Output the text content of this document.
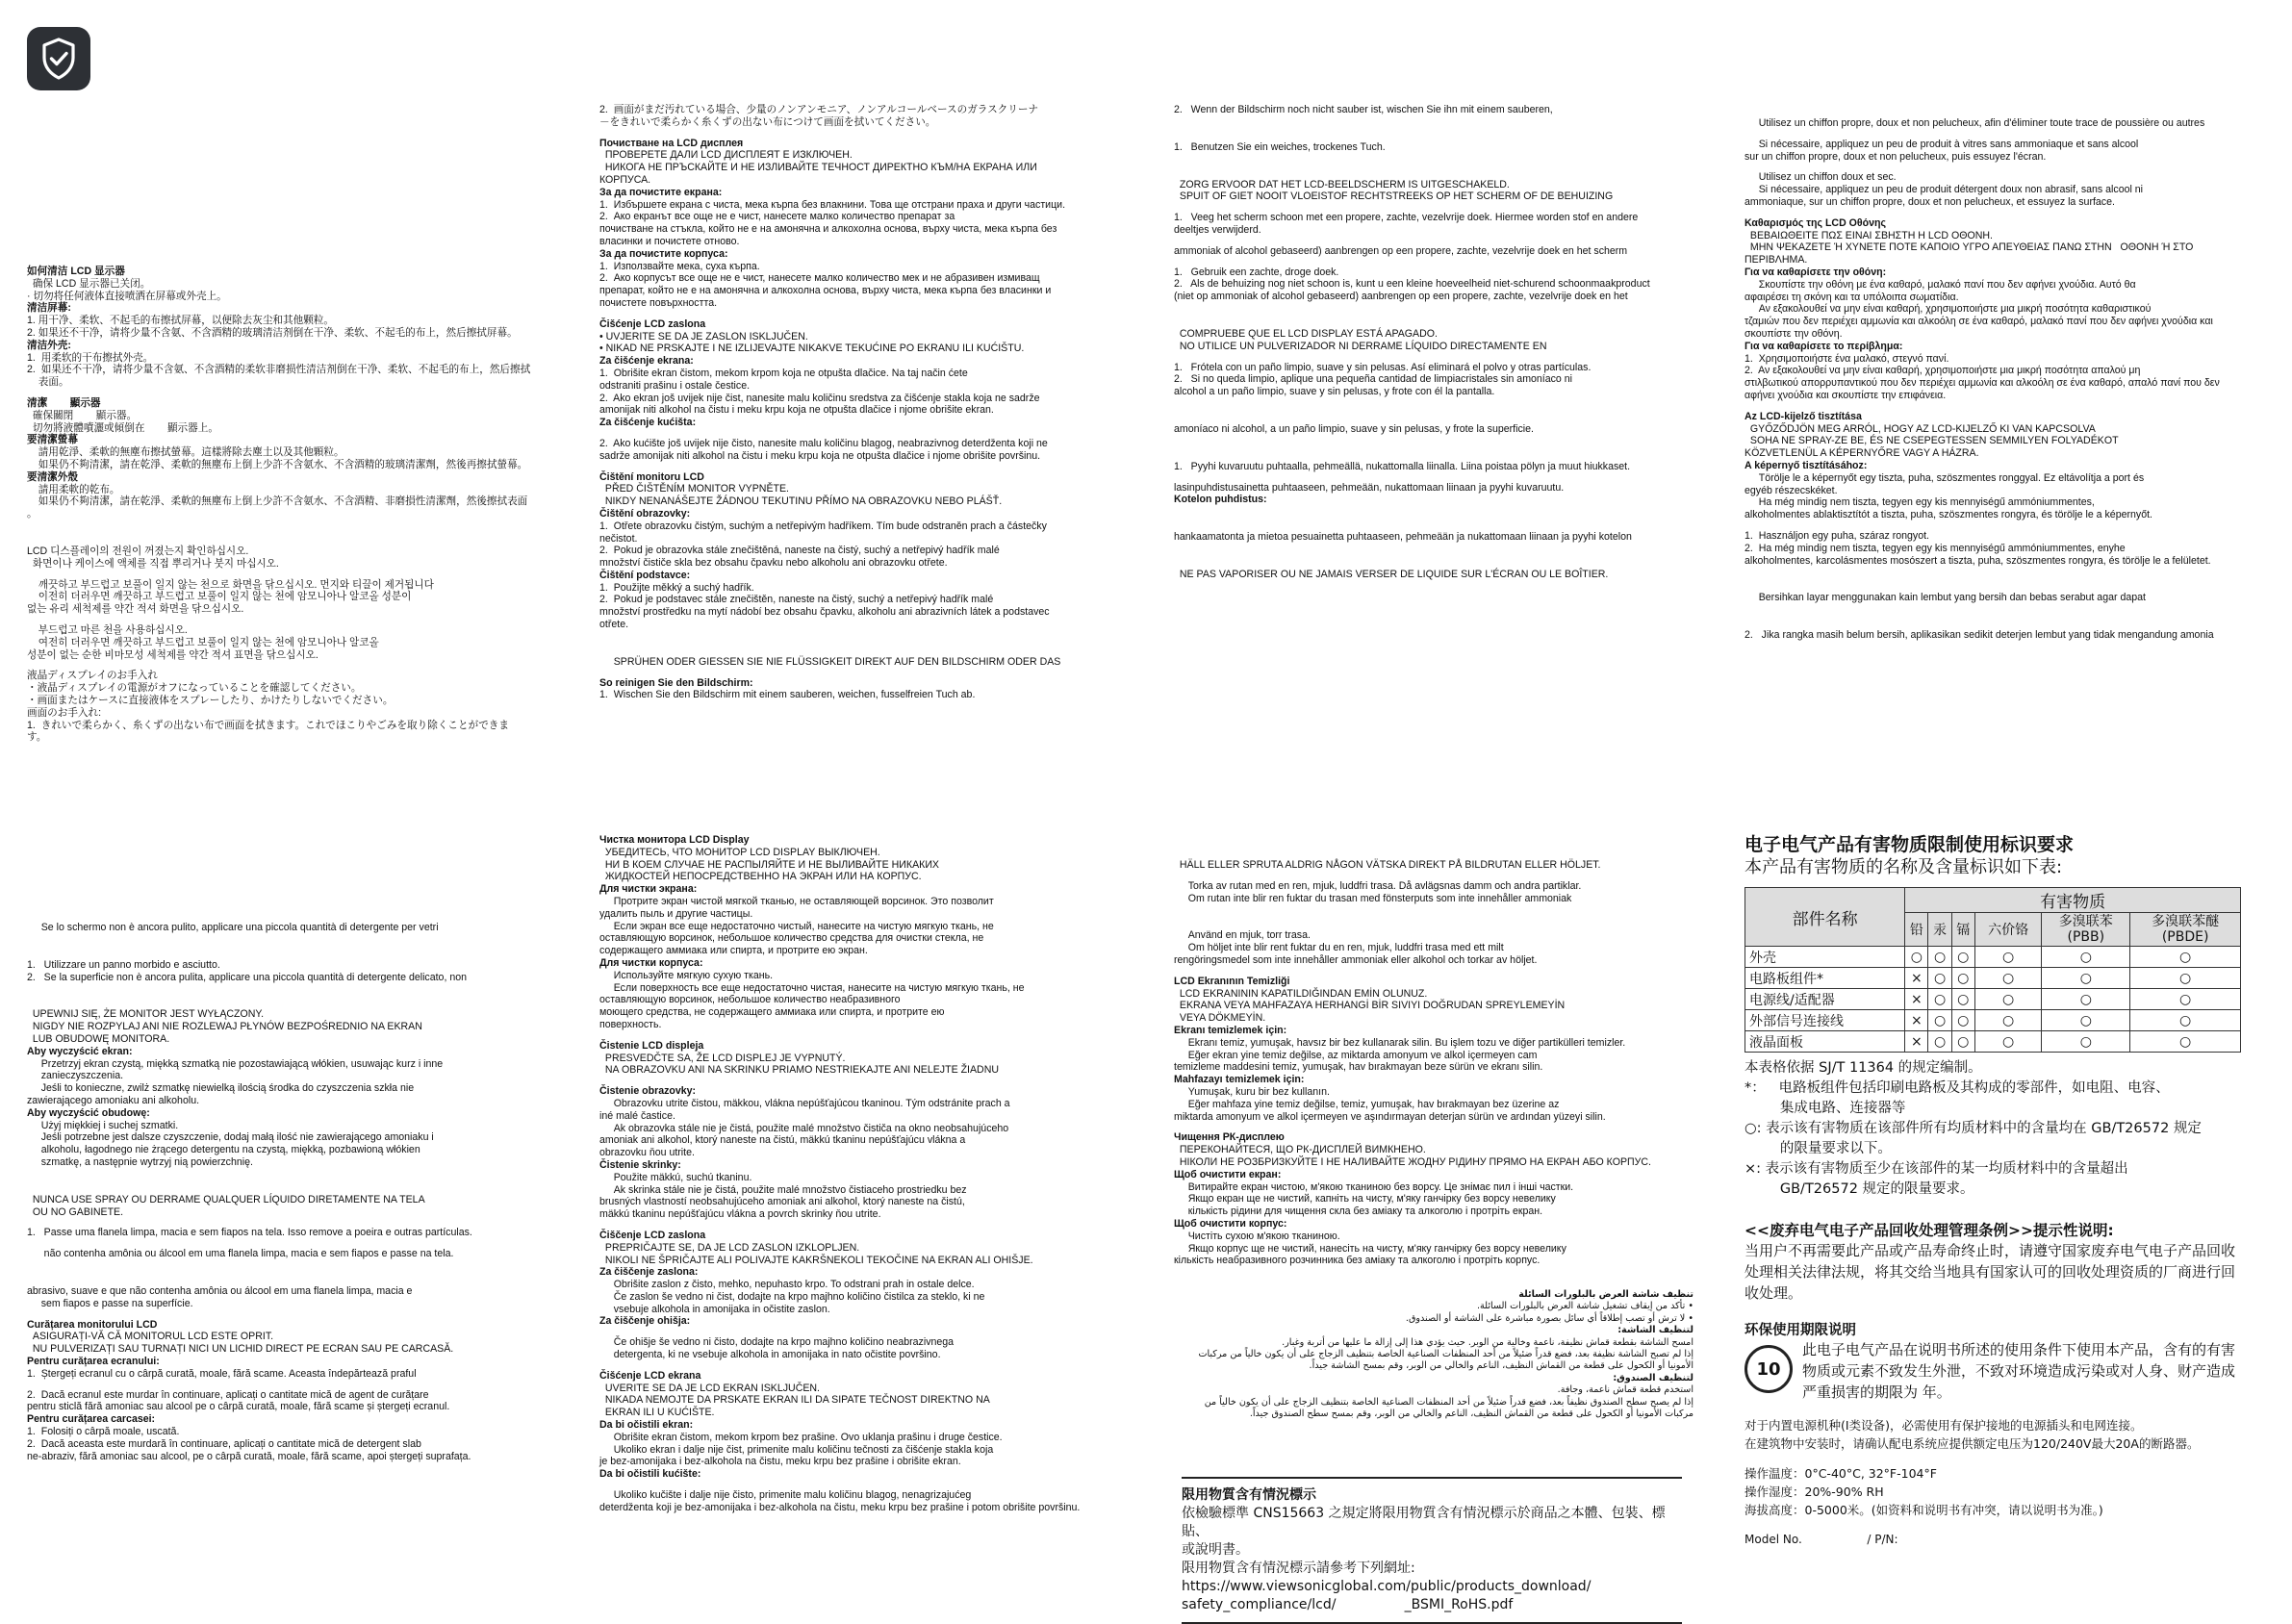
如何清洁 LCD 显示器

确保 LCD 显示器已关闭。

· 切勿将任何液体直接喷洒在屏幕或外壳上。

清洁屏幕:

1. 用干净、柔软、不起毛的布擦拭屏幕，以便除去灰尘和其他颗粒。

2. 如果还不干净，请将少量不含氨、不含酒精的玻璃清洁剂倒在干净、柔软、不起毛的布上，然后擦拭屏幕。

清洁外壳:

1.  用柔软的干布擦拭外壳。

2.  如果还不干净，请将少量不含氨、不含酒精的柔软非磨损性清洁剂倒在干净、柔软、不起毛的布上，然后擦拭
表面。

清潔        顯示器

確保關閉        顯示器。

切勿將液體噴灑或傾倒在        顯示器上。

要清潔螢幕

請用乾淨、柔軟的無塵布擦拭螢幕。這樣將除去塵土以及其他顆粒。

如果仍不夠清潔，請在乾淨、柔軟的無塵布上倒上少許不含氨水、不含酒精的玻璃清潔劑，然後再擦拭螢幕。

要清潔外殼

請用柔軟的乾布。

如果仍不夠清潔，請在乾淨、柔軟的無塵布上倒上少許不含氨水、不含酒精、非磨損性清潔劑，然後擦拭表面
。

LCD 디스플레이의 전원이 꺼졌는지 확인하십시오.

화면이나 케이스에 액체를 직접 뿌리거나 붓지 마십시오.

깨끗하고 부드럽고 보풀이 일지 않는 천으로 화면을 닦으십시오. 먼지와 티끌이 제거됩니다
이전히 더러우면 깨끗하고 부드럽고 보풀이 일지 않는 천에 암모니아나 알코올 성분이
없는 유리 세척제를 약간 적셔 화면을 닦으십시오.

부드럽고 마른 천을 사용하십시오.

여전히 더러우면 깨끗하고 부드럽고 보풀이 일지 않는 천에 암모니아나 알코올
성분이 없는 순한 비마모성 세척제를 약간 적셔 표면을 닦으십시오.

液晶ディスプレイのお手入れ

・液晶ディスプレイの電源がオフになっていることを確認してください。

・画面またはケースに直接液体をスプレーしたり、かけたりしないでください。

画面のお手入れ:

1.  きれいで柔らかく、糸くずの出ない布で画面を拭きます。これでほこりやごみを取り除くことができま
す。

Se lo schermo non è ancora pulito, applicare una piccola quantità di detergente per vetri

1.   Utilizzare un panno morbido e asciutto.

2.   Se la superficie non è ancora pulita, applicare una piccola quantità di detergente delicato, non

UPEWNIJ SIĘ, ŻE MONITOR JEST WYŁĄCZONY.

NIGDY NIE ROZPYLAJ ANI NIE ROZLEWAJ PŁYNÓW BEZPOŚREDNIO NA EKRAN
LUB OBUDOWĘ MONITORA.

Aby wyczyścić ekran:

Przetrzyj ekran czystą, miękką szmatką nie pozostawiającą włókien, usuwając kurz i inne
zanieczyszczenia.
Jeśli to konieczne, zwilż szmatkę niewielką ilością środka do czyszczenia szkła nie
zawierającego amoniaku ani alkoholu.

Aby wyczyścić obudowę:

Użyj miękkiej i suchej szmatki.
Jeśli potrzebne jest dalsze czyszczenie, dodaj małą ilość nie zawierającego amoniaku i
alkoholu, łagodnego nie żrącego detergentu na czystą, miękką, pozbawioną włókien
szmatkę, a następnie wytrzyj nią powierzchnię.

NUNCA USE SPRAY OU DERRAME QUALQUER LÍQUIDO DIRETAMENTE NA TELA
OU NO GABINETE.

1.   Passe uma flanela limpa, macia e sem fiapos na tela. Isso remove a poeira e outras partículas.

não contenha amônia ou álcool em uma flanela limpa, macia e sem fiapos e passe na tela.

abrasivo, suave e que não contenha amônia ou álcool em uma flanela limpa, macia e
sem fiapos e passe na superfície.

Curățarea monitorului LCD

ASIGURAȚI-VĂ CĂ MONITORUL LCD ESTE OPRIT.
NU PULVERIZAȚI SAU TURNAȚI NICI UN LICHID DIRECT PE ECRAN SAU PE CARCASĂ.

Pentru curățarea ecranului:

1.  Ștergeți ecranul cu o cârpă curată, moale, fără scame. Aceasta îndepărtează praful

2.  Dacă ecranul este murdar în continuare, aplicați o cantitate mică de agent de curățare
pentru sticlă fără amoniac sau alcool pe o cârpă curată, moale, fără scame și ștergeți ecranul.

Pentru curățarea carcasei:

1.  Folosiți o cârpă moale, uscată.
2.  Dacă aceasta este murdară în continuare, aplicați o cantitate mică de detergent slab
ne-abraziv, fără amoniac sau alcool, pe o cârpă curată, moale, fără scame, apoi ștergeți suprafața.

2.  画面がまだ汚れている場合、少量のノンアンモニア、ノンアルコールベースのガラスクリーナ
－をきれいで柔らかく糸くずの出ない布につけて画面を拭いてください。

Почистване на LCD дисплея

ПРОВЕРЕТЕ ДАЛИ LCD ДИСПЛЕЯТ Е ИЗКЛЮЧЕН.
НИКОГА НЕ ПРЪСКАЙТЕ И НЕ ИЗЛИВАЙТЕ ТЕЧНОСТ ДИРЕКТНО КЪМ/НА ЕКРАНА ИЛИ
КОРПУСА.

За да почистите екрана:

1.  Избършете екрана с чиста, мека кърпа без влакнини. Това ще отстрани праха и други частици.
2.  Ако екранът все още не е чист, нанесете малко количество препарат за
почистване на стъкла, който не е на амонячна и алкохолна основа, върху чиста, мека кърпа без
власинки и почистете отново.

За да почистите корпуса:

1.  Използвайте мека, суха кърпа.
2.  Ако корпусът все още не е чист, нанесете малко количество мек и не абразивен измиващ
препарат, който не е на амонячна и алкохолна основа, върху чиста, мека кърпа без власинки и
почистете повърхността.

Čišćenje LCD zaslona

• UVJERITE SE DA JE ZASLON ISKLJUČEN.
• NIKAD NE PRSKAJTE I NE IZLIJEVAJTE NIKAKVE TEKUĆINE PO EKRANU ILI KUĆIŠTU.

Za čišćenje ekrana:

1.  Obrišite ekran čistom, mekom krpom koja ne otpušta dlačice. Na taj način ćete
odstraniti prašinu i ostale čestice.
2.  Ako ekran još uvijek nije čist, nanesite malu količinu sredstva za čišćenje stakla koja ne sadrže
amonijak niti alkohol na čistu i meku krpu koja ne otpušta dlačice i njome obrišite ekran.

Za čišćenje kućišta:

2.  Ako kućište još uvijek nije čisto, nanesite malu količinu blagog, neabrazivnog deterdženta koji ne
sadrže amonijak niti alkohol na čistu i meku krpu koja ne otpušta dlačice i njome obrišite površinu.

Čištění monitoru LCD

PŘED ČIŠTĚNÍM MONITOR VYPNĚTE.
NIKDY NENANÁŠEJTE ŽÁDNOU TEKUTINU PŘÍMO NA OBRAZOVKU NEBO PLÁŠŤ.

Čištění obrazovky:

1.  Otřete obrazovku čistým, suchým a netřepivým hadříkem. Tím bude odstraněn prach a částečky
nečistot.
2.  Pokud je obrazovka stále znečištěná, naneste na čistý, suchý a netřepivý hadřík malé
množství čističe skla bez obsahu čpavku nebo alkoholu ani obrazovku otřete.

Čištění podstavce:

1.  Použijte měkký a suchý hadřík.
2.  Pokud je podstavec stále znečištěn, naneste na čistý, suchý a netřepivý hadřík malé
množství prostředku na mytí nádobí bez obsahu čpavku, alkoholu ani abrazivních látek a podstavec
otřete.

SPRÜHEN ODER GIESSEN SIE NIE FLÜSSIGKEIT DIREKT AUF DEN BILDSCHIRM ODER DAS

So reinigen Sie den Bildschirm:

1.  Wischen Sie den Bildschirm mit einem sauberen, weichen, fusselfreien Tuch ab.

Чистка монитора LCD Display

УБЕДИТЕСЬ, ЧТО МОНИТОР LCD DISPLAY ВЫКЛЮЧЕН.
НИ В КОЕМ СЛУЧАЕ НЕ РАСПЫЛЯЙТЕ И НЕ ВЫЛИВАЙТЕ НИКАКИХ
ЖИДКОСТЕЙ НЕПОСРЕДСТВЕННО НА ЭКРАН ИЛИ НА КОРПУС.

Для чистки экрана:

Протрите экран чистой мягкой тканью, не оставляющей ворсинок. Это позволит
удалить пыль и другие частицы.
Если экран все еще недостаточно чистый, нанесите на чистую мягкую ткань, не
оставляющую ворсинок, небольшое количество средства для очистки стекла, не
содержащего аммиака или спирта, и протрите ею экран.

Для чистки корпуса:

Используйте мягкую сухую ткань.
Если поверхность все еще недостаточно чистая, нанесите на чистую мягкую ткань, не
оставляющую ворсинок, небольшое количество неабразивного
моющего средства, не содержащего аммиака или спирта, и протрите ею
поверхность.

Čistenie LCD displeja

PRESVEDČTE SA, ŽE LCD DISPLEJ JE VYPNUTÝ.
NA OBRAZOVKU ANI NA SKRINKU PRIAMO NESTRIEKAJTE ANI NELEJTE ŽIADNU

Čistenie obrazovky:

Obrazovku utrite čistou, mäkkou, vláknа nepúšťajúcou tkaninou. Tým odstránite prach a
iné malé častice.
Ak obrazovka stále nie je čistá, použite malé množstvo čističa na okno neobsahujúceho
amoniak ani alkohol, ktorý naneste na čistú, mäkkú tkaninu nepúšťajúcu vlákna a
obrazovku ňou utrite.

Čistenie skrinky:

Použite mäkkú, suchú tkaninu.
Ak skrinka stále nie je čistá, použite malé množstvo čistiaceho prostriedku bez
brusných vlastností neobsahujúceho amoniak ani alkohol, ktorý naneste na čistú,
mäkkú tkaninu nepúšťajúcu vlákna a povrch skrinky ňou utrite.

Čiščenje LCD zaslona

PREPRIČAJTE SE, DA JE LCD ZASLON IZKLOPLJEN.
NIKOLI NE ŠPRIČAJTE ALI POLIVAJTE KAKRŠNEKOLI TEKOČINE NA EKRAN ALI OHIŠJE.

Za čiščenje zaslona:

Obrišite zaslon z čisto, mehko, nepuhasto krpo. To odstrani prah in ostale delce.
Če zaslon še vedno ni čist, dodajte na krpo majhno količino čistilca za steklo, ki ne
vsebuje alkohola in amonijaka in očistite zaslon.

Za čiščenje ohišja:

Če ohišje še vedno ni čisto, dodajte na krpo majhno količino neabrazivnega
detergenta, ki ne vsebuje alkohola in amonijaka in nato očistite površino.

Čišćenje LCD ekrana

UVERITE SE DA JE LCD EKRAN ISKLJUČEN.
NIKADA NEMOJTE DA PRSKATE EKRAN ILI DA SIPATE TEČNOST DIREKTNO NA
EKRAN ILI U KUĆIŠTE.

Da bi očistili ekran:

Obrišite ekran čistom, mekom krpom bez prašine. Ovo uklanja prašinu i druge čestice.
Ukoliko ekran i dalje nije čist, primenite malu količinu tečnosti za čišćenje stakla koja
je bez-amonijaka i bez-alkohola na čistu, meku krpu bez prašine i obrišite ekran.

Da bi očistili kućište:

Ukoliko kučište i dalje nije čisto, primenite malu količinu blagog, nenagrizajućeg
deterdženta koji je bez-amonijaka i bez-alkohola na čistu, meku krpu bez prašine i potom obrišite površinu.

2.   Wenn der Bildschirm noch nicht sauber ist, wischen Sie ihn mit einem sauberen,

1.   Benutzen Sie ein weiches, trockenes Tuch.

ZORG ERVOOR DAT HET LCD-BEELDSCHERM IS UITGESCHAKELD.
SPUIT OF GIET NOOIT VLOEISTOF RECHTSTREEKS OP HET SCHERM OF DE BEHUIZING

1.   Veeg het scherm schoon met een propere, zachte, vezelvrije doek. Hiermee worden stof en andere
deeltjes verwijderd.

ammoniak of alcohol gebaseerd) aanbrengen op een propere, zachte, vezelvrije doek en het scherm

1.   Gebruik een zachte, droge doek.
2.   Als de behuizing nog niet schoon is, kunt u een kleine hoeveelheid niet-schurend schoonmaakproduct
(niet op ammoniak of alcohol gebaseerd) aanbrengen op een propere, zachte, vezelvrije doek en het

COMPRUEBE QUE EL LCD DISPLAY ESTÁ APAGADO.
NO UTILICE UN PULVERIZADOR NI DERRAME LÍQUIDO DIRECTAMENTE EN

1.   Frótela con un paño limpio, suave y sin pelusas. Así eliminará el polvo y otras partículas.
2.   Si no queda limpio, aplique una pequeña cantidad de limpiacristales sin amoníaco ni
alcohol a un paño limpio, suave y sin pelusas, y frote con él la pantalla.

amoníaco ni alcohol, a un paño limpio, suave y sin pelusas, y frote la superficie.

1.   Pyyhi kuvaruutu puhtaalla, pehmeällä, nukattomalla liinalla. Liina poistaa pölyn ja muut hiukkaset.

lasinpuhdistusainetta puhtaaseen, pehmeään, nukattomaan liinaan ja pyyhi kuvaruutu.

Kotelon puhdistus:

hankaamatonta ja mietoa pesuainetta puhtaaseen, pehmeään ja nukattomaan liinaan ja pyyhi kotelon

NE PAS VAPORISER OU NE JAMAIS VERSER DE LIQUIDE SUR L'ÉCRAN OU LE BOÎTIER.

HÄLL ELLER SPRUTA ALDRIG NÅGON VÄTSKA DIREKT PÅ BILDRUTAN ELLER HÖLJET.

Torka av rutan med en ren, mjuk, luddfri trasa. Då avlägsnas damm och andra partiklar.
Om rutan inte blir ren fuktar du trasan med fönsterputs som inte innehåller ammoniak

Använd en mjuk, torr trasa.
Om höljet inte blir rent fuktar du en ren, mjuk, luddfri trasa med ett milt
rengöringsmedel som inte innehåller ammoniak eller alkohol och torkar av höljet.

LCD Ekranının Temizliği

LCD EKRANININ KAPATILDIĞINDAN EMİN OLUNUZ.
EKRANA VEYA MAHFAZAYA HERHANGİ BİR SIVIYI DOĞRUDAN SPREYLEMEYİN
VEYA DÖKMEYİN.

Ekranı temizlemek için:

Ekranı temiz, yumuşak, havsız bir bez kullanarak silin. Bu işlem tozu ve diğer partikülleri temizler.
Eğer ekran yine temiz değilse, az miktarda amonyum ve alkol içermeyen cam
temizleme maddesini temiz, yumuşak, hav bırakmayan beze sürün ve ekranı silin.

Mahfazayı temizlemek için:

Yumuşak, kuru bir bez kullanın.
Eğer mahfaza yine temiz değilse, temiz, yumuşak, hav bırakmayan bez üzerine az
miktarda amonyum ve alkol içermeyen ve aşındırmayan deterjan sürün ve ardından yüzeyi silin.

Чищення РК-дисплею

ПЕРЕКОНАЙТЕСЯ, ЩО РК-ДИСПЛЕЙ ВИМКНЕНО.
НІКОЛИ НЕ РОЗБРИЗКУЙТЕ І НЕ НАЛИВАЙТЕ ЖОДНУ РІДИНУ ПРЯМО НА ЕКРАН АБО КОРПУС.

Щоб очистити екран:

Витирайте екран чистою, м'якою тканиною без ворсу. Це знімає пил і інші частки.
Якщо екран ще не чистий, капніть на чисту, м'яку ганчірку без ворсу невелику
кількість рідини для чищення скла без аміаку та алкоголю і протріть екран.

Щоб очистити корпус:

Чистіть сухою м'якою тканиною.
Якщо корпус ще не чистий, нанесіть на чисту, м'яку ганчірку без ворсу невелику
кількість неабразивного розчинника без аміаку та алкоголю і протріть корпус.

تنظيف شاشة العرض بالبلورات السائلة

• تأكد من إيقاف تشغيل شاشة العرض بالبلورات السائلة.

• لا ترش أو تصب إطلاقاً أي سائل بصورة مباشرة على الشاشة أو الصندوق.

لتنظيف الشاشة:

امسح الشاشة بقطعة قماش نظيفة، ناعمة وخالية من الوبر. حيث يؤدي هذا إلى إزالة ما عليها من أتربة وغبار.

إذا لم تصبح الشاشة نظيفة بعد، فضع قدراً ضئيلاً من أحد المنظفات الصناعية الخاصة بتنظيف الزجاج على أن يكون خالياً من مركبات الأمونيا أو الكحول على قطعة من القماش النظيف، الناعم والخالي من الوبر، وقم بمسح الشاشة جيداً.

لتنظيف الصندوق:

استخدم قطعة قماش ناعمة، وجافة.

إذا لم يصبح سطح الصندوق نظيفاً بعد، فضع قدراً ضئيلاً من أحد المنظفات الصناعية الخاصة بتنظيف الزجاج على أن يكون خالياً من مركبات الأمونيا أو الكحول على قطعة من القماش النظيف، الناعم والخالي من الوبر، وقم بمسح سطح الصندوق جيداً.

Utilisez un chiffon propre, doux et non pelucheux, afin d'éliminer toute trace de poussière ou autres

Si nécessaire, appliquez un peu de produit à vitres sans ammoniaque et sans alcool
sur un chiffon propre, doux et non pelucheux, puis essuyez l'écran.

Utilisez un chiffon doux et sec.
Si nécessaire, appliquez un peu de produit détergent doux non abrasif, sans alcool ni
ammoniaque, sur un chiffon propre, doux et non pelucheux, et essuyez la surface.

Καθαρισμός της LCD Οθόνης

ΒΕΒΑΙΩΘΕΙΤΕ ΠΩΣ ΕΙΝΑΙ ΣΒΗΣΤΗ Η LCD ΟΘΟΝΗ.
ΜΗΝ ΨΕΚΑΖΕΤΕ Ή ΧΥΝΕΤΕ ΠΟΤΕ ΚΑΠΟΙΟ ΥΓΡΟ ΑΠΕΥΘΕΙΑΣ ΠΑΝΩ ΣΤΗΝ   ΟΘΟΝΗ Ή ΣΤΟ
ΠΕΡΙΒΛΗΜΑ.

Για να καθαρίσετε την οθόνη:

Σκουπίστε την οθόνη με ένα καθαρό, μαλακό πανί που δεν αφήνει χνούδια. Αυτό θα
αφαιρέσει τη σκόνη και τα υπόλοιπα σωματίδια.
Αν εξακολουθεί να μην είναι καθαρή, χρησιμοποιήστε μια μικρή ποσότητα καθαριστικού
τζαμιών που δεν περιέχει αμμωνία και αλκοόλη σε ένα καθαρό, μαλακό πανί που δεν αφήνει χνούδια και
σκουπίστε την οθόνη.

Για να καθαρίσετε το περίβλημα:

1.  Χρησιμοποιήστε ένα μαλακό, στεγνό πανί.
2.  Αν εξακολουθεί να μην είναι καθαρή, χρησιμοποιήστε μια μικρή ποσότητα απαλού μη
στιλβωτικού απορρυπαντικού που δεν περιέχει αμμωνία και αλκοόλη σε ένα καθαρό, απαλό πανί που δεν
αφήνει χνούδια και σκουπίστε την επιφάνεια.

Az LCD-kijelző tisztítása

GYŐZŐDJÖN MEG ARRÓL, HOGY AZ LCD-KIJELZŐ KI VAN KAPCSOLVA
SOHA NE SPRAY-ZE BE, ÉS NE CSEPEGTESSEN SEMMILYEN FOLYADÉKOT
KÖZVETLENÜL A KÉPERNYŐRE VAGY A HÁZRA.

A képernyő tisztításához:

Törölje le a képernyőt egy tiszta, puha, szöszmentes ronggyal. Ez eltávolítja a port és
egyéb részecskéket.
Ha még mindig nem tiszta, tegyen egy kis mennyiségű ammóniummentes,
alkoholmentes ablaktisztítót a tiszta, puha, szöszmentes rongyra, és törölje le a képernyőt.

1.  Használjon egy puha, száraz rongyot.
2.  Ha még mindig nem tiszta, tegyen egy kis mennyiségű ammóniummentes, enyhe
alkoholmentes, karcolásmentes mosószert a tiszta, puha, szöszmentes rongyra, és törölje le a felületet.

Bersihkan layar menggunakan kain lembut yang bersih dan bebas serabut agar dapat

2.   Jika rangka masih belum bersih, aplikasikan sedikit deterjen lembut yang tidak mengandung amonia

限用物質含有情況標示
依檢驗標準 CNS15663 之規定將限用物質含有情況標示於商品之本體、包裝、標貼、
或說明書。
限用物質含有情況標示請參考下列網址:
https://www.viewsonicglobal.com/public/products_download/
safety_compliance/lcd/                _BSMI_RoHS.pdf
电子电气产品有害物质限制使用标识要求
本产品有害物质的名称及含量标识如下表:
部件名称	有害物质					
	铅	汞	镉	六价铬	多溴联苯
(PBB)	多溴联苯醚
(PBDE)
外壳	○	○	○	○	○	○
电路板组件*	×	○	○	○	○	○
电源线/适配器	×	○	○	○	○	○
外部信号连接线	×	○	○	○	○	○
液晶面板	×	○	○	○	○	○
本表格依据 SJ/T 11364 的规定编制。
*：   电路板组件包括印刷电路板及其构成的零部件，如电阻、电容、
集成电路、连接器等
○: 表示该有害物质在该部件所有均质材料中的含量均在 GB/T26572 规定
的限量要求以下。
×: 表示该有害物质至少在该部件的某一均质材料中的含量超出
GB/T26572 规定的限量要求。
<<废弃电气电子产品回收处理管理条例>>提示性说明:
当用户不再需要此产品或产品寿命终止时，请遵守国家废弃电气电子产品回收处理相关法律法规，将其交给当地具有国家认可的回收处理资质的厂商进行回收处理。
环保使用期限说明
10
此电子电气产品在说明书所述的使用条件下使用本产品，含有的有害物质或元素不致发生外泄，不致对环境造成污染或对人身、财产造成严重损害的期限为 年。
对于内置电源机种(I类设备)，必需使用有保护接地的电源插头和电网连接。
在建筑物中安装时，请确认配电系统应提供额定电压为120/240V最大20A的断路器。
操作温度：0°C-40°C, 32°F-104°F
操作湿度：20%-90% RH
海拔高度：0-5000米。(如资料和说明书有冲突，请以说明书为准。)
Model No.	/ P/N:
